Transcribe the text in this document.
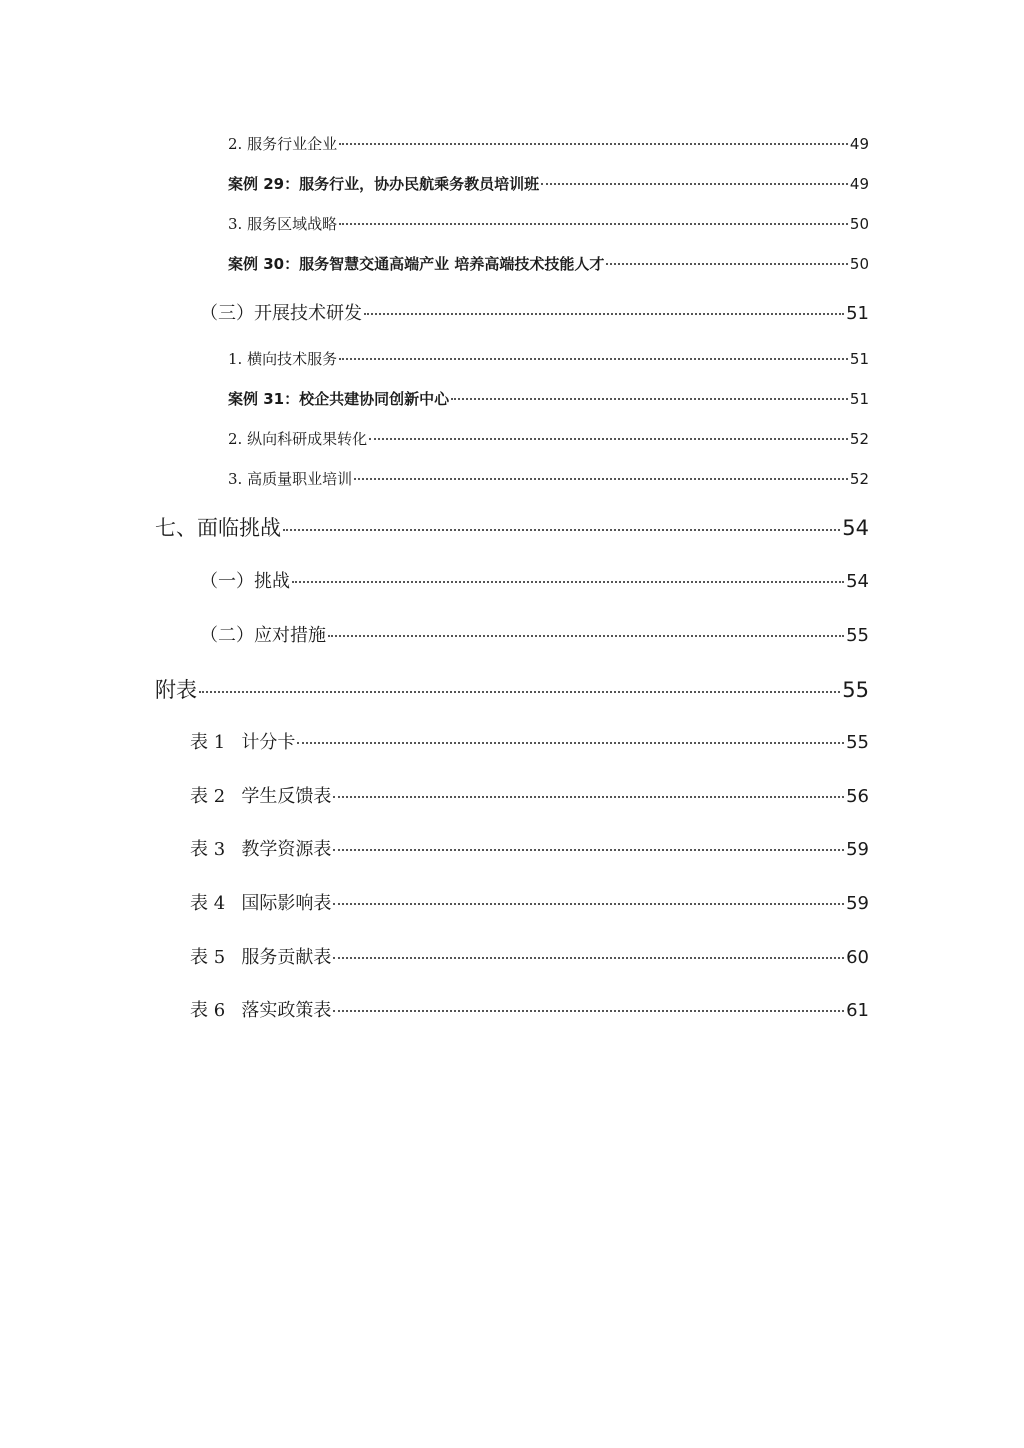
2. 服务行业企业	49
案例 29：服务行业，协办民航乘务教员培训班	49
3. 服务区域战略	50
案例 30：服务智慧交通高端产业 培养高端技术技能人才	50
（三）开展技术研发	51
1. 横向技术服务	51
案例 31：校企共建协同创新中心	51
2. 纵向科研成果转化	52
3. 高质量职业培训	52
七、面临挑战	54
（一）挑战	54
（二）应对措施	55
附表	55
表 1 计分卡	55
表 2 学生反馈表	56
表 3 教学资源表	59
表 4 国际影响表	59
表 5 服务贡献表	60
表 6 落实政策表	61
